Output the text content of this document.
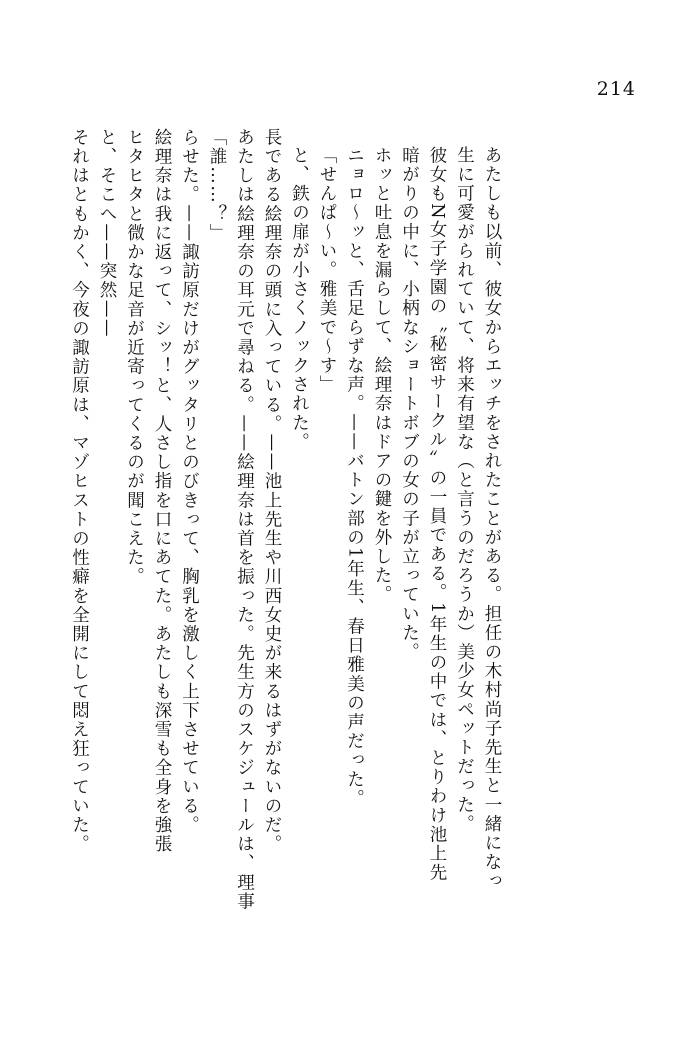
214
それはともかく、今夜の諏訪原は、マゾヒストの性癖を全開にして悶え狂っていた。 と、そこへ——突然—— ヒタヒタと微かな足音が近寄ってくるのが聞こえた。 絵理奈は我に返って、シッ！と、人さし指を口にあてた。あたしも深雪も全身を強張 らせた。——諏訪原だけがグッタリとのびきって、胸乳を激しく上下させている。 「誰……？」 あたしは絵理奈の耳元で尋ねる。——絵理奈は首を振った。先生方のスケジュールは、理事 長である絵理奈の頭に入っている。——池上先生や川西女史が来るはずがないのだ。 と、鉄の扉が小さくノックされた。 「せんぱ〜い。雅美で〜す」 ニョロ〜ッと、舌足らずな声。——バトン部の1年生、春日雅美の声だった。 ホッと吐息を漏らして、絵理奈はドアの鍵を外した。 暗がりの中に、小柄なショートボブの女の子が立っていた。 彼女もN女子学園の〝秘密サークル〟の一員である。1年生の中では、とりわけ池上先 生に可愛がられていて、将来有望な（と言うのだろうか）美少女ペットだった。 あたしも以前、彼女からエッチをされたことがある。担任の木村尚子先生と一緒になっ
